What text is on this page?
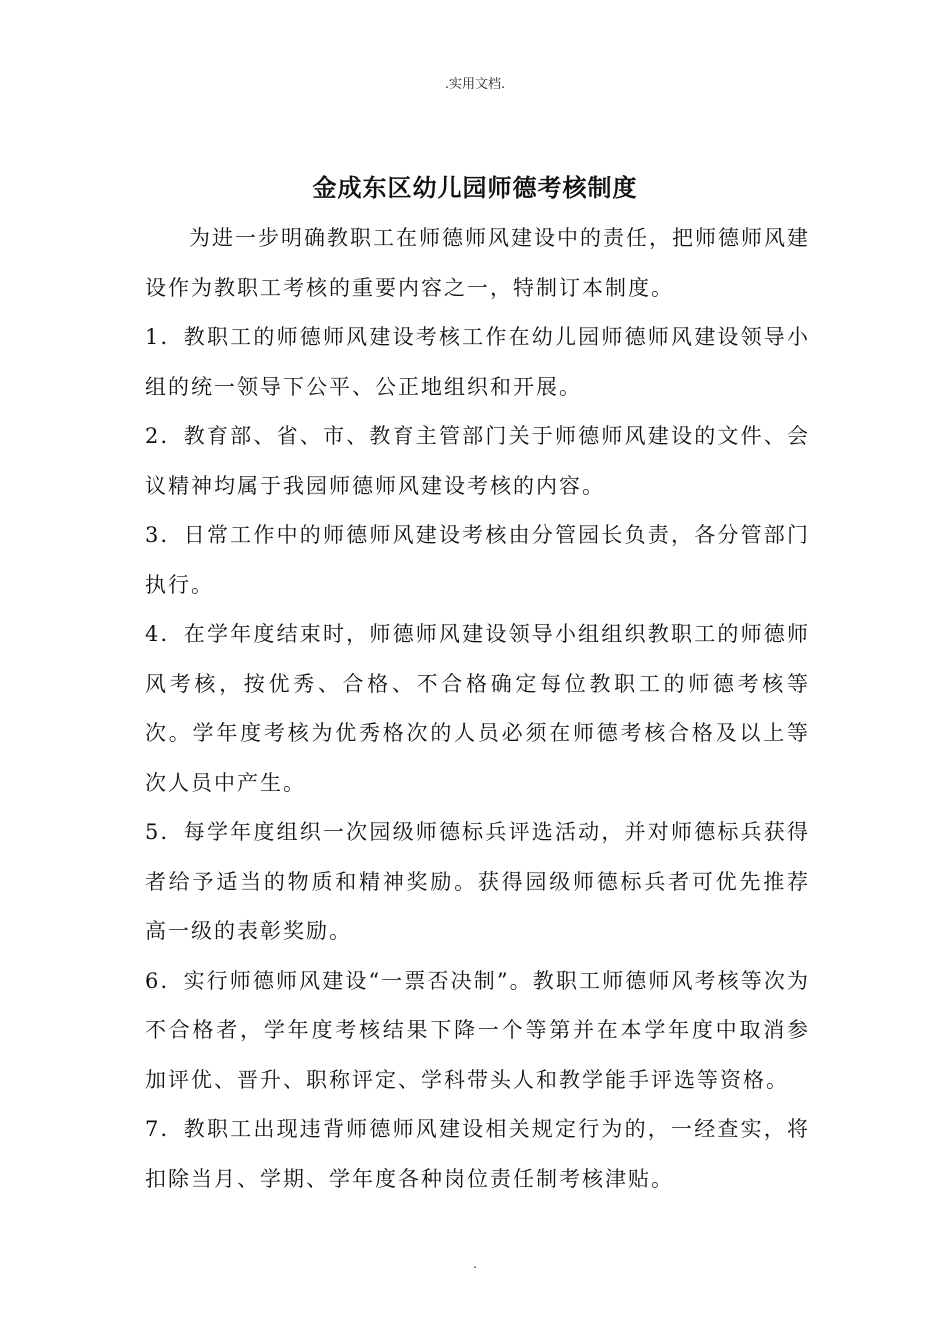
.实用文档.
金成东区幼儿园师德考核制度

为进一步明确教职工在师德师风建设中的责任，把师德师风建设作为教职工考核的重要内容之一，特制订本制度。

1．教职工的师德师风建设考核工作在幼儿园师德师风建设领导小组的统一领导下公平、公正地组织和开展。

2．教育部、省、市、教育主管部门关于师德师风建设的文件、会议精神均属于我园师德师风建设考核的内容。

3．日常工作中的师德师风建设考核由分管园长负责，各分管部门执行。

4．在学年度结束时，师德师风建设领导小组组织教职工的师德师风考核，按优秀、合格、不合格确定每位教职工的师德考核等次。学年度考核为优秀格次的人员必须在师德考核合格及以上等次人员中产生。

5．每学年度组织一次园级师德标兵评选活动，并对师德标兵获得者给予适当的物质和精神奖励。获得园级师德标兵者可优先推荐高一级的表彰奖励。

6．实行师德师风建设“一票否决制”。教职工师德师风考核等次为不合格者，学年度考核结果下降一个等第并在本学年度中取消参加评优、晋升、职称评定、学科带头人和教学能手评选等资格。

7．教职工出现违背师德师风建设相关规定行为的，一经查实，将扣除当月、学期、学年度各种岗位责任制考核津贴。

.
